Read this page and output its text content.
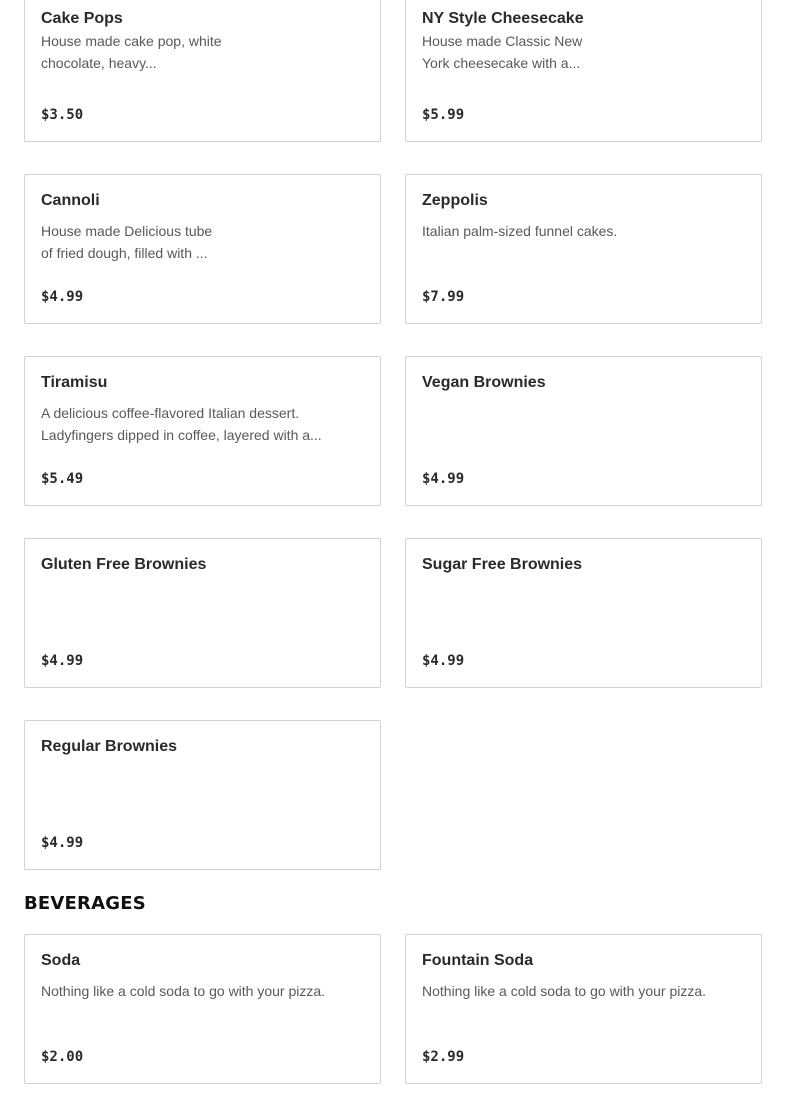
Cake Pops
House made cake pop, white chocolate, heavy...
$3.50
NY Style Cheesecake
House made Classic New York cheesecake with a...
$5.99
Cannoli
House made Delicious tube of fried dough, filled with ...
$4.99
Zeppolis
Italian palm-sized funnel cakes.
$7.99
Tiramisu
A delicious coffee-flavored Italian dessert. Ladyfingers dipped in coffee, layered with a...
$5.49
Vegan Brownies
$4.99
Gluten Free Brownies
$4.99
Sugar Free Brownies
$4.99
Regular Brownies
$4.99
BEVERAGES
Soda
Nothing like a cold soda to go with your pizza.
$2.00
Fountain Soda
Nothing like a cold soda to go with your pizza.
$2.99
